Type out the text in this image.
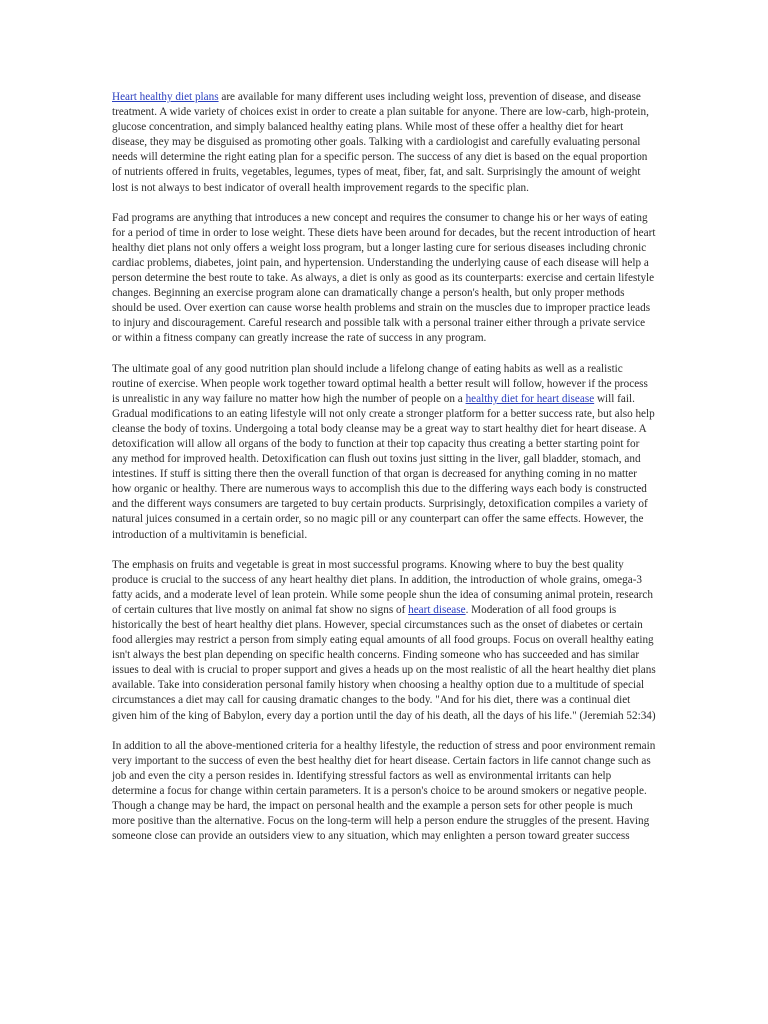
Heart healthy diet plans are available for many different uses including weight loss, prevention of disease, and disease treatment. A wide variety of choices exist in order to create a plan suitable for anyone. There are low-carb, high-protein, glucose concentration, and simply balanced healthy eating plans. While most of these offer a healthy diet for heart disease, they may be disguised as promoting other goals. Talking with a cardiologist and carefully evaluating personal needs will determine the right eating plan for a specific person. The success of any diet is based on the equal proportion of nutrients offered in fruits, vegetables, legumes, types of meat, fiber, fat, and salt. Surprisingly the amount of weight lost is not always to best indicator of overall health improvement regards to the specific plan.

Fad programs are anything that introduces a new concept and requires the consumer to change his or her ways of eating for a period of time in order to lose weight. These diets have been around for decades, but the recent introduction of heart healthy diet plans not only offers a weight loss program, but a longer lasting cure for serious diseases including chronic cardiac problems, diabetes, joint pain, and hypertension. Understanding the underlying cause of each disease will help a person determine the best route to take. As always, a diet is only as good as its counterparts: exercise and certain lifestyle changes. Beginning an exercise program alone can dramatically change a person's health, but only proper methods should be used. Over exertion can cause worse health problems and strain on the muscles due to improper practice leads to injury and discouragement. Careful research and possible talk with a personal trainer either through a private service or within a fitness company can greatly increase the rate of success in any program.

The ultimate goal of any good nutrition plan should include a lifelong change of eating habits as well as a realistic routine of exercise. When people work together toward optimal health a better result will follow, however if the process is unrealistic in any way failure no matter how high the number of people on a healthy diet for heart disease will fail. Gradual modifications to an eating lifestyle will not only create a stronger platform for a better success rate, but also help cleanse the body of toxins. Undergoing a total body cleanse may be a great way to start healthy diet for heart disease. A detoxification will allow all organs of the body to function at their top capacity thus creating a better starting point for any method for improved health. Detoxification can flush out toxins just sitting in the liver, gall bladder, stomach, and intestines. If stuff is sitting there then the overall function of that organ is decreased for anything coming in no matter how organic or healthy. There are numerous ways to accomplish this due to the differing ways each body is constructed and the different ways consumers are targeted to buy certain products. Surprisingly, detoxification compiles a variety of natural juices consumed in a certain order, so no magic pill or any counterpart can offer the same effects. However, the introduction of a multivitamin is beneficial.

The emphasis on fruits and vegetable is great in most successful programs. Knowing where to buy the best quality produce is crucial to the success of any heart healthy diet plans. In addition, the introduction of whole grains, omega-3 fatty acids, and a moderate level of lean protein. While some people shun the idea of consuming animal protein, research of certain cultures that live mostly on animal fat show no signs of heart disease. Moderation of all food groups is historically the best of heart healthy diet plans. However, special circumstances such as the onset of diabetes or certain food allergies may restrict a person from simply eating equal amounts of all food groups. Focus on overall healthy eating isn't always the best plan depending on specific health concerns. Finding someone who has succeeded and has similar issues to deal with is crucial to proper support and gives a heads up on the most realistic of all the heart healthy diet plans available. Take into consideration personal family history when choosing a healthy option due to a multitude of special circumstances a diet may call for causing dramatic changes to the body. "And for his diet, there was a continual diet given him of the king of Babylon, every day a portion until the day of his death, all the days of his life." (Jeremiah 52:34)

In addition to all the above-mentioned criteria for a healthy lifestyle, the reduction of stress and poor environment remain very important to the success of even the best healthy diet for heart disease. Certain factors in life cannot change such as job and even the city a person resides in. Identifying stressful factors as well as environmental irritants can help determine a focus for change within certain parameters. It is a person's choice to be around smokers or negative people. Though a change may be hard, the impact on personal health and the example a person sets for other people is much more positive than the alternative. Focus on the long-term will help a person endure the struggles of the present. Having someone close can provide an outsiders view to any situation, which may enlighten a person toward greater success
